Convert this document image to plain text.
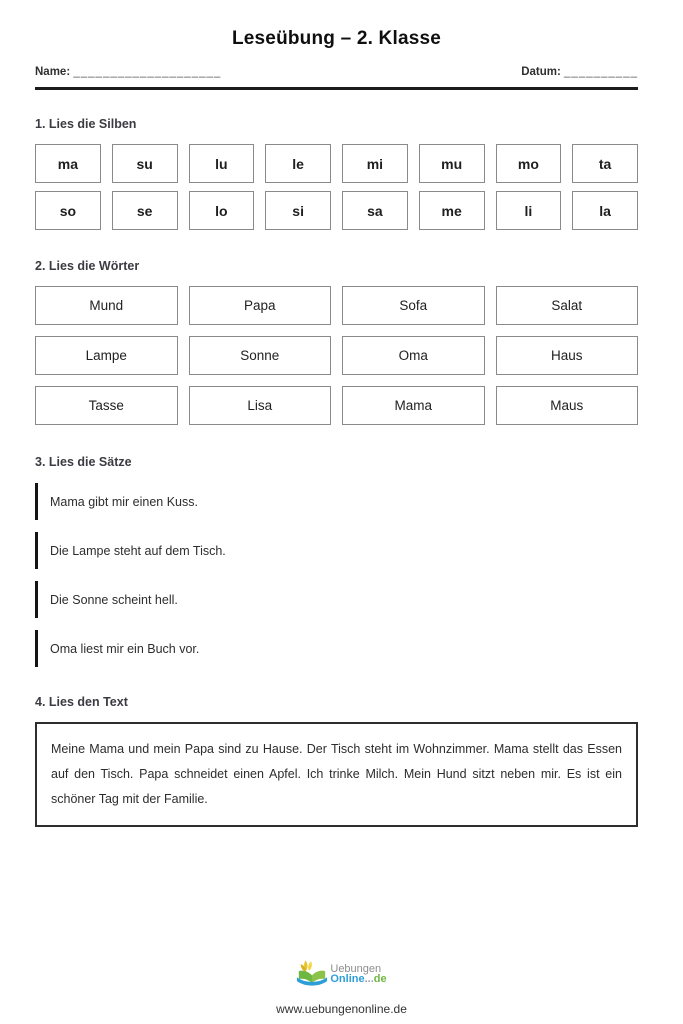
Leseübung – 2. Klasse
Name: ____________________	Datum: __________
1. Lies die Silben
ma	su	lu	le	mi	mu	mo	ta
so	se	lo	si	sa	me	li	la
2. Lies die Wörter
Mund	Papa	Sofa	Salat
Lampe	Sonne	Oma	Haus
Tasse	Lisa	Mama	Maus
3. Lies die Sätze
Mama gibt mir einen Kuss.
Die Lampe steht auf dem Tisch.
Die Sonne scheint hell.
Oma liest mir ein Buch vor.
4. Lies den Text
Meine Mama und mein Papa sind zu Hause. Der Tisch steht im Wohnzimmer. Mama stellt das Essen auf den Tisch. Papa schneidet einen Apfel. Ich trinke Milch. Mein Hund sitzt neben mir. Es ist ein schöner Tag mit der Familie.
Uebungen
Online...de
www.uebungenonline.de
